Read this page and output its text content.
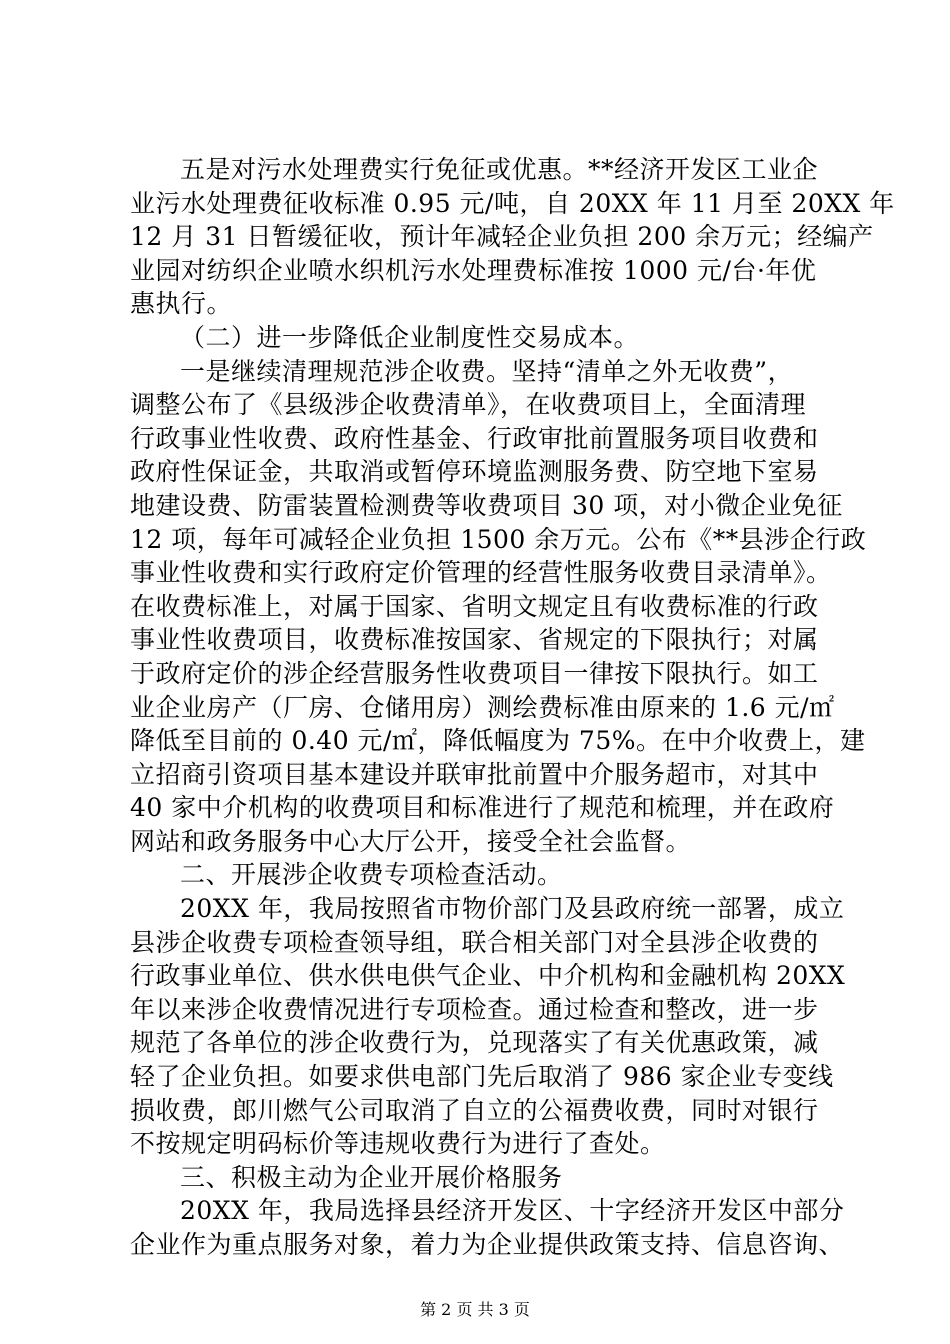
五是对污水处理费实行免征或优惠。**经济开发区工业企
业污水处理费征收标准 0.95 元/吨，自 20XX 年 11 月至 20XX 年
12 月 31 日暂缓征收，预计年减轻企业负担 200 余万元；经编产
业园对纺织企业喷水织机污水处理费标准按 1000 元/台·年优
惠执行。
（二）进一步降低企业制度性交易成本。
一是继续清理规范涉企收费。坚持“清单之外无收费”，
调整公布了《县级涉企收费清单》，在收费项目上，全面清理
行政事业性收费、政府性基金、行政审批前置服务项目收费和
政府性保证金，共取消或暂停环境监测服务费、防空地下室易
地建设费、防雷装置检测费等收费项目 30 项，对小微企业免征
12 项，每年可减轻企业负担 1500 余万元。公布《**县涉企行政
事业性收费和实行政府定价管理的经营性服务收费目录清单》。
在收费标准上，对属于国家、省明文规定且有收费标准的行政
事业性收费项目，收费标准按国家、省规定的下限执行；对属
于政府定价的涉企经营服务性收费项目一律按下限执行。如工
业企业房产（厂房、仓储用房）测绘费标准由原来的 1.6 元/㎡
降低至目前的 0.40 元/㎡，降低幅度为 75%。在中介收费上，建
立招商引资项目基本建设并联审批前置中介服务超市，对其中
40 家中介机构的收费项目和标准进行了规范和梳理，并在政府
网站和政务服务中心大厅公开，接受全社会监督。
二、开展涉企收费专项检查活动。
20XX 年，我局按照省市物价部门及县政府统一部署，成立
县涉企收费专项检查领导组，联合相关部门对全县涉企收费的
行政事业单位、供水供电供气企业、中介机构和金融机构 20XX
年以来涉企收费情况进行专项检查。通过检查和整改，进一步
规范了各单位的涉企收费行为，兑现落实了有关优惠政策，减
轻了企业负担。如要求供电部门先后取消了 986 家企业专变线
损收费，郎川燃气公司取消了自立的公福费收费，同时对银行
不按规定明码标价等违规收费行为进行了查处。
三、积极主动为企业开展价格服务
20XX 年，我局选择县经济开发区、十字经济开发区中部分
企业作为重点服务对象，着力为企业提供政策支持、信息咨询、
第 2 页 共 3 页
